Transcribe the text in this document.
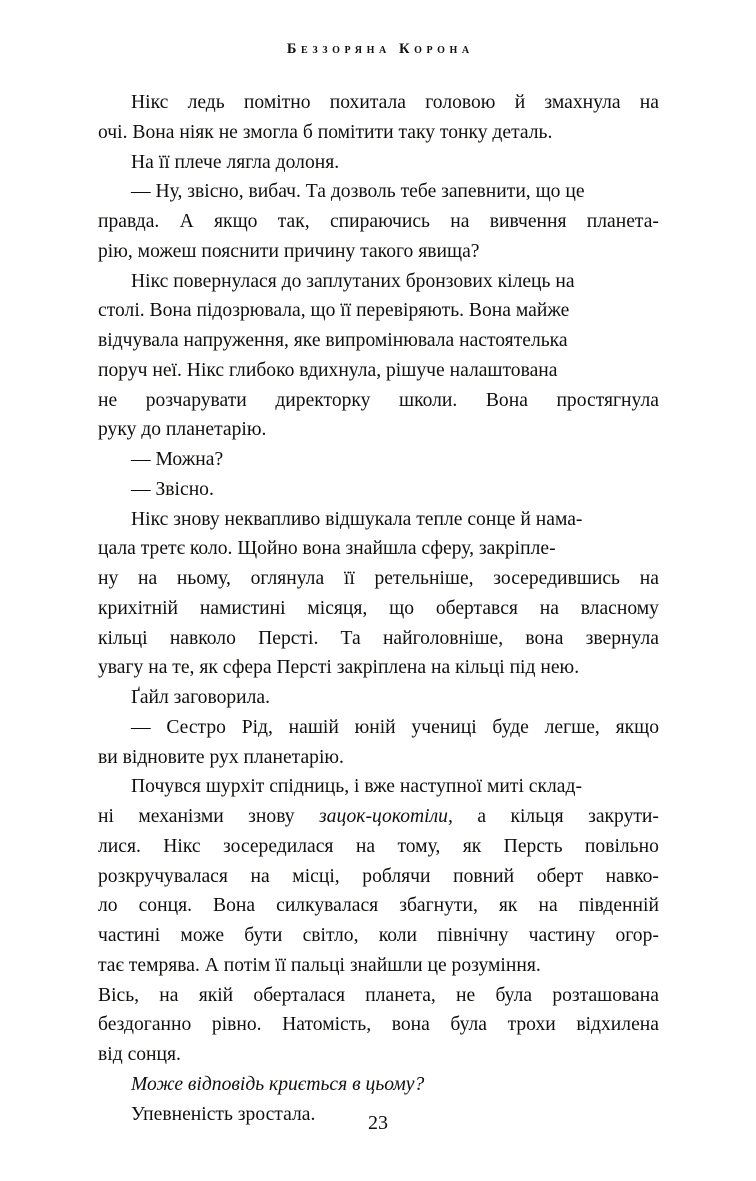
Беззоряна Корона

Нікс ледь помітно похитала головою й змахнула на
очі. Вона ніяк не змогла б помітити таку тонку деталь.

На її плече лягла долоня.

— Ну, звісно, вибач. Та дозволь тебе запевнити, що це
правда. А якщо так, спираючись на вивчення планета-
рію, можеш пояснити причину такого явища?

Нікс повернулася до заплутаних бронзових кілець на
столі. Вона підозрювала, що її перевіряють. Вона майже
відчувала напруження, яке випромінювала настоятелька
поруч неї. Нікс глибоко вдихнула, рішуче налаштована
не розчарувати директорку школи. Вона простягнула
руку до планетарію.

— Можна?

— Звісно.

Нікс знову неквапливо відшукала тепле сонце й нама-
цала третє коло. Щойно вона знайшла сферу, закріпле-
ну на ньому, оглянула її ретельніше, зосередившись на
крихітній намистині місяця, що обертався на власному
кільці навколо Персті. Та найголовніше, вона звернула
увагу на те, як сфера Персті закріплена на кільці під нею.

Ґайл заговорила.

— Сестро Рід, нашій юній учениці буде легше, якщо
ви відновите рух планетарію.

Почувся шурхіт спідниць, і вже наступної миті склад-
ні механізми знову зацок-цокотіли, а кільця закрути-
лися. Нікс зосередилася на тому, як Персть повільно
розкручувалася на місці, роблячи повний оберт навко-
ло сонця. Вона силкувалася збагнути, як на південній
частині може бути світло, коли північну частину огор-
тає темрява. А потім її пальці знайшли це розуміння.
Вісь, на якій оберталася планета, не була розташована
бездоганно рівно. Натомість, вона була трохи відхилена
від сонця.

Може відповідь криється в цьому?

Упевненість зростала.	23
